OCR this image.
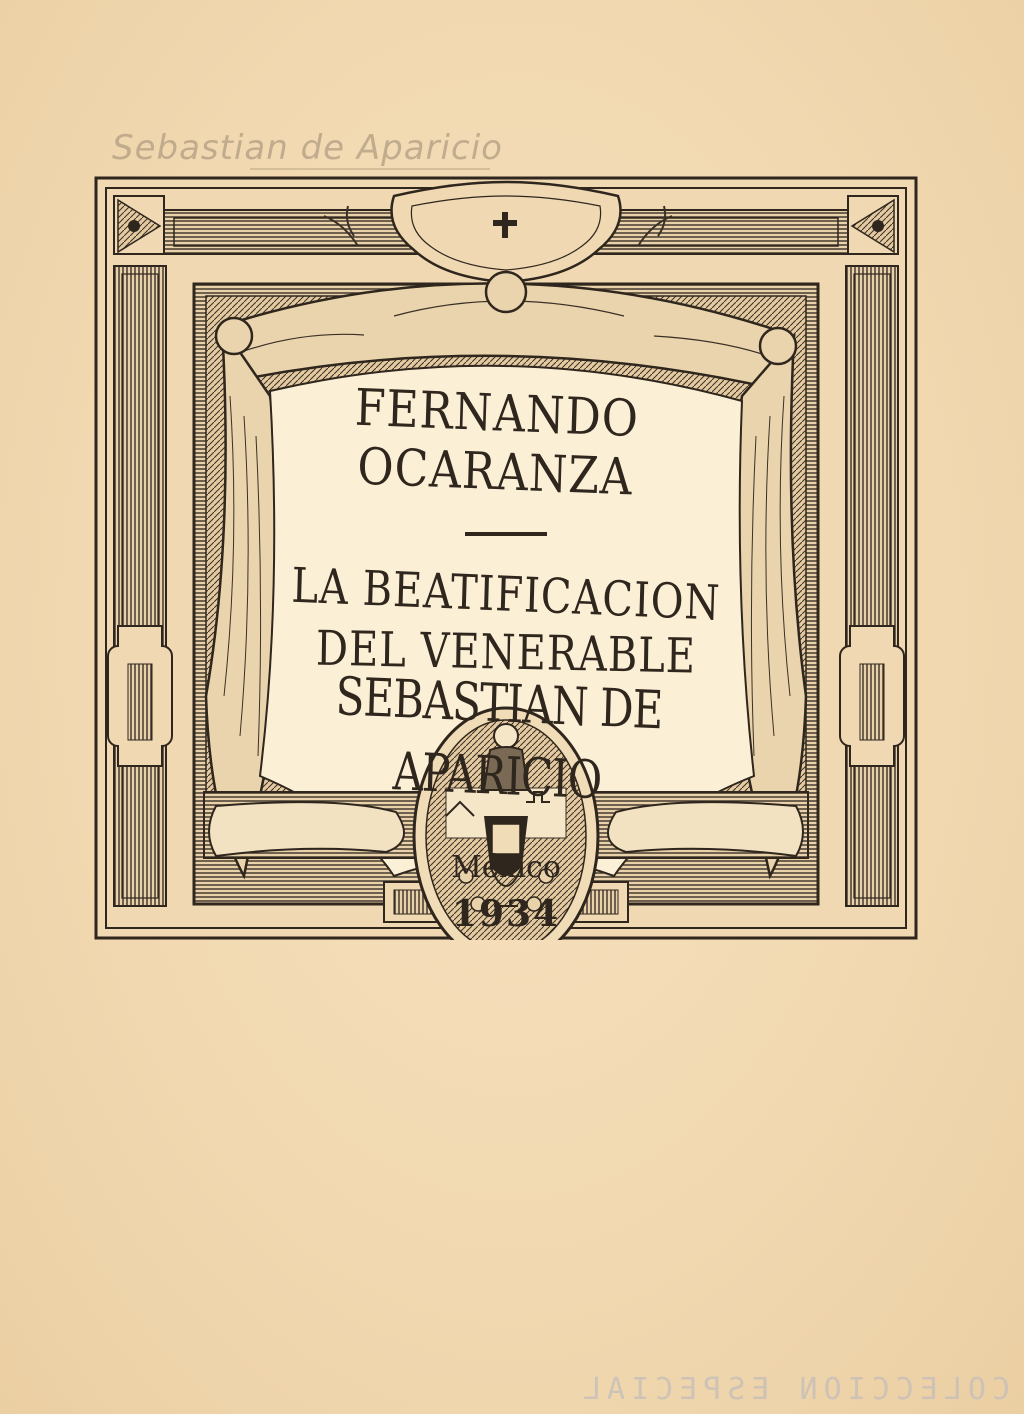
Sebastian de Aparicio
FERNANDO OCARANZA
LA BEATIFICACION
DEL VENERABLE
SEBASTIAN DE APARICIO
México
1934
COLECCION ESPECIAL
